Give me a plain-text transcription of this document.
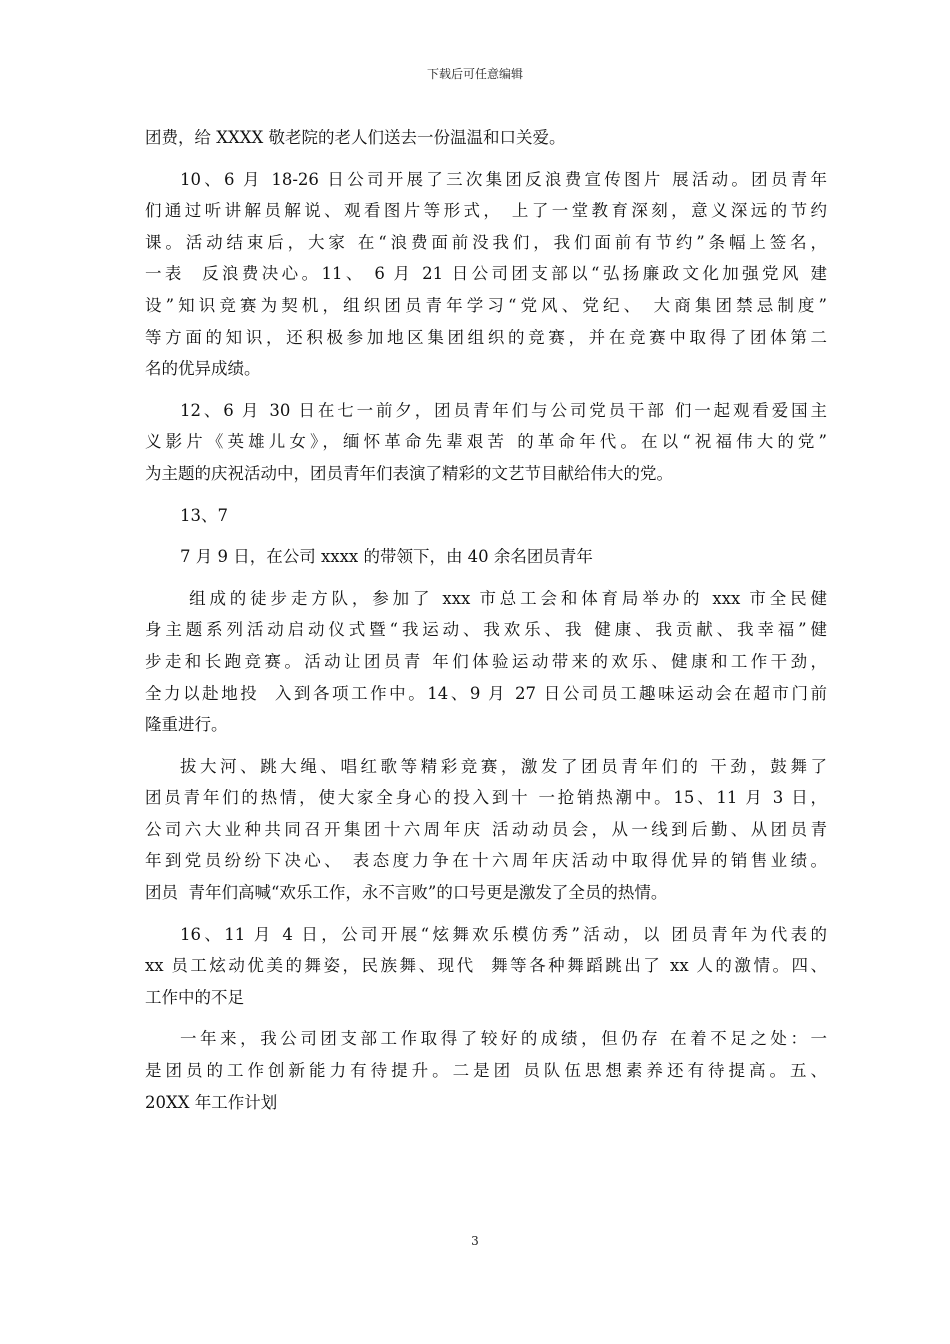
下载后可任意编辑
团费，给 XXXX 敬老院的老人们送去一份温温和口关爱。
10、6 月 18-26 日公司开展了三次集团反浪费宣传图片 展活动。团员青年
们通过听讲解员解说、观看图片等形式， 上了一堂教育深刻，意义深远的节约
课。活动结束后，大家 在“浪费面前没我们，我们面前有节约”条幅上签名，
一表  反浪费决心。11、 6 月 21 日公司团支部以“弘扬廉政文化加强党风 建
设”知识竞赛为契机，组织团员青年学习“党风、党纪、 大商集团禁忌制度”
等方面的知识，还积极参加地区集团组织的竞赛，并在竞赛中取得了团体第二
名的优异成绩。
12、6 月 30 日在七一前夕，团员青年们与公司党员干部 们一起观看爱国主
义影片《英雄儿女》，缅怀革命先辈艰苦 的革命年代。在以“祝福伟大的党”
为主题的庆祝活动中，团员青年们表演了精彩的文艺节目献给伟大的党。
13、7
7 月 9 日，在公司 xxxx 的带领下，由 40 余名团员青年
组成的徒步走方队，参加了 xxx 市总工会和体育局举办的 xxx 市全民健
身主题系列活动启动仪式暨“我运动、我欢乐、我 健康、我贡献、我幸福”健
步走和长跑竞赛。活动让团员青 年们体验运动带来的欢乐、健康和工作干劲，
全力以赴地投  入到各项工作中。14、9 月 27 日公司员工趣味运动会在超市门前
隆重进行。
拔大河、跳大绳、唱红歌等精彩竞赛，激发了团员青年们的 干劲，鼓舞了
团员青年们的热情，使大家全身心的投入到十 一抢销热潮中。15、11 月 3 日，
公司六大业种共同召开集团十六周年庆 活动动员会，从一线到后勤、从团员青
年到党员纷纷下决心、 表态度力争在十六周年庆活动中取得优异的销售业绩。
团员  青年们高喊“欢乐工作，永不言败”的口号更是激发了全员的热情。
16、11 月 4 日，公司开展“炫舞欢乐模仿秀”活动，以 团员青年为代表的
xx 员工炫动优美的舞姿，民族舞、现代  舞等各种舞蹈跳出了 xx 人的激情。四、
工作中的不足
一年来，我公司团支部工作取得了较好的成绩，但仍存 在着不足之处：一
是团员的工作创新能力有待提升。二是团 员队伍思想素养还有待提高。五、
20XX 年工作计划
3
